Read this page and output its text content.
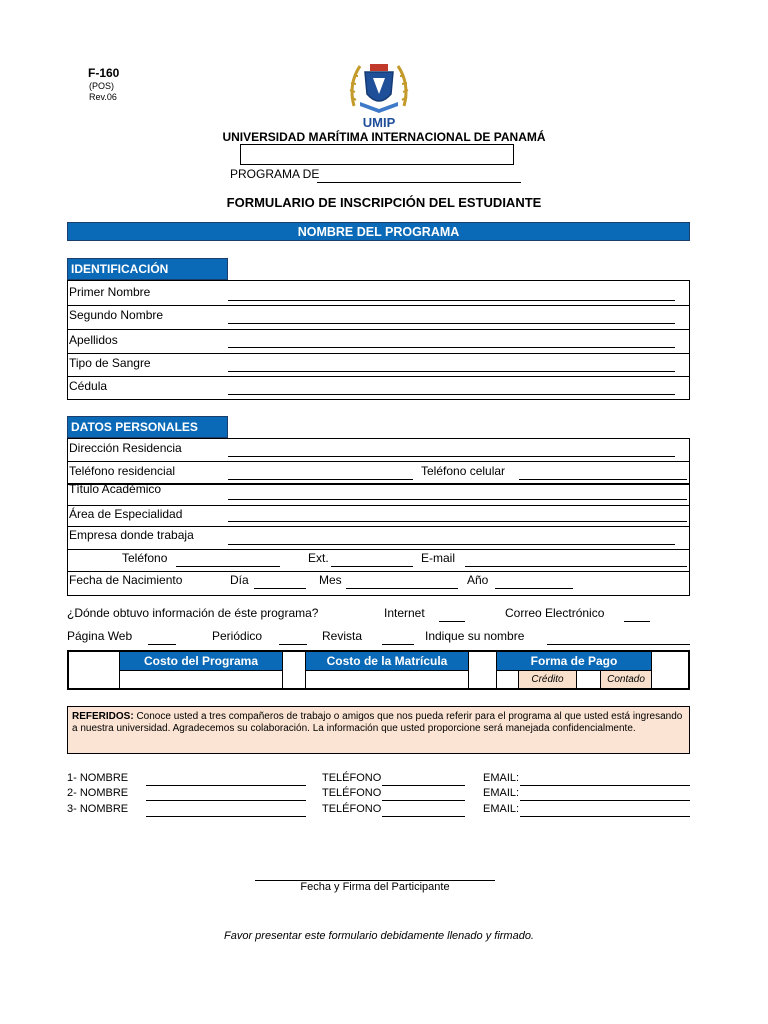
F-160
(POS)
Rev.06
UMIP
UNIVERSIDAD MARÍTIMA INTERNACIONAL DE PANAMÁ
PROGRAMA DE
FORMULARIO DE INSCRIPCIÓN DEL ESTUDIANTE
NOMBRE DEL PROGRAMA
IDENTIFICACIÓN
Primer Nombre
Segundo Nombre
Apellidos
Tipo de Sangre
Cédula
DATOS PERSONALES
Dirección Residencia
Teléfono residencial	Teléfono celular
Título Académico
Área de Especialidad
Empresa donde trabaja
Teléfono	Ext.	E-mail
Fecha de Nacimiento	Día	Mes	Año
¿Dónde obtuvo información de éste programa?	Internet	Correo Electrónico
Página Web	Periódico	Revista	Indique su nombre
Costo del Programa	Costo de la Matrícula	Forma de Pago
Crédito	Contado
REFERIDOS: Conoce usted a tres compañeros de trabajo o amigos que nos pueda referir para el programa al que usted está ingresando a nuestra universidad. Agradecemos su colaboración. La información que usted proporcione será manejada confidencialmente.
1- NOMBRE	TELÉFONO	EMAIL:
2- NOMBRE	TELÉFONO	EMAIL:
3- NOMBRE	TELÉFONO	EMAIL:
Fecha y Firma del Participante
Favor presentar este formulario debidamente llenado y firmado.
